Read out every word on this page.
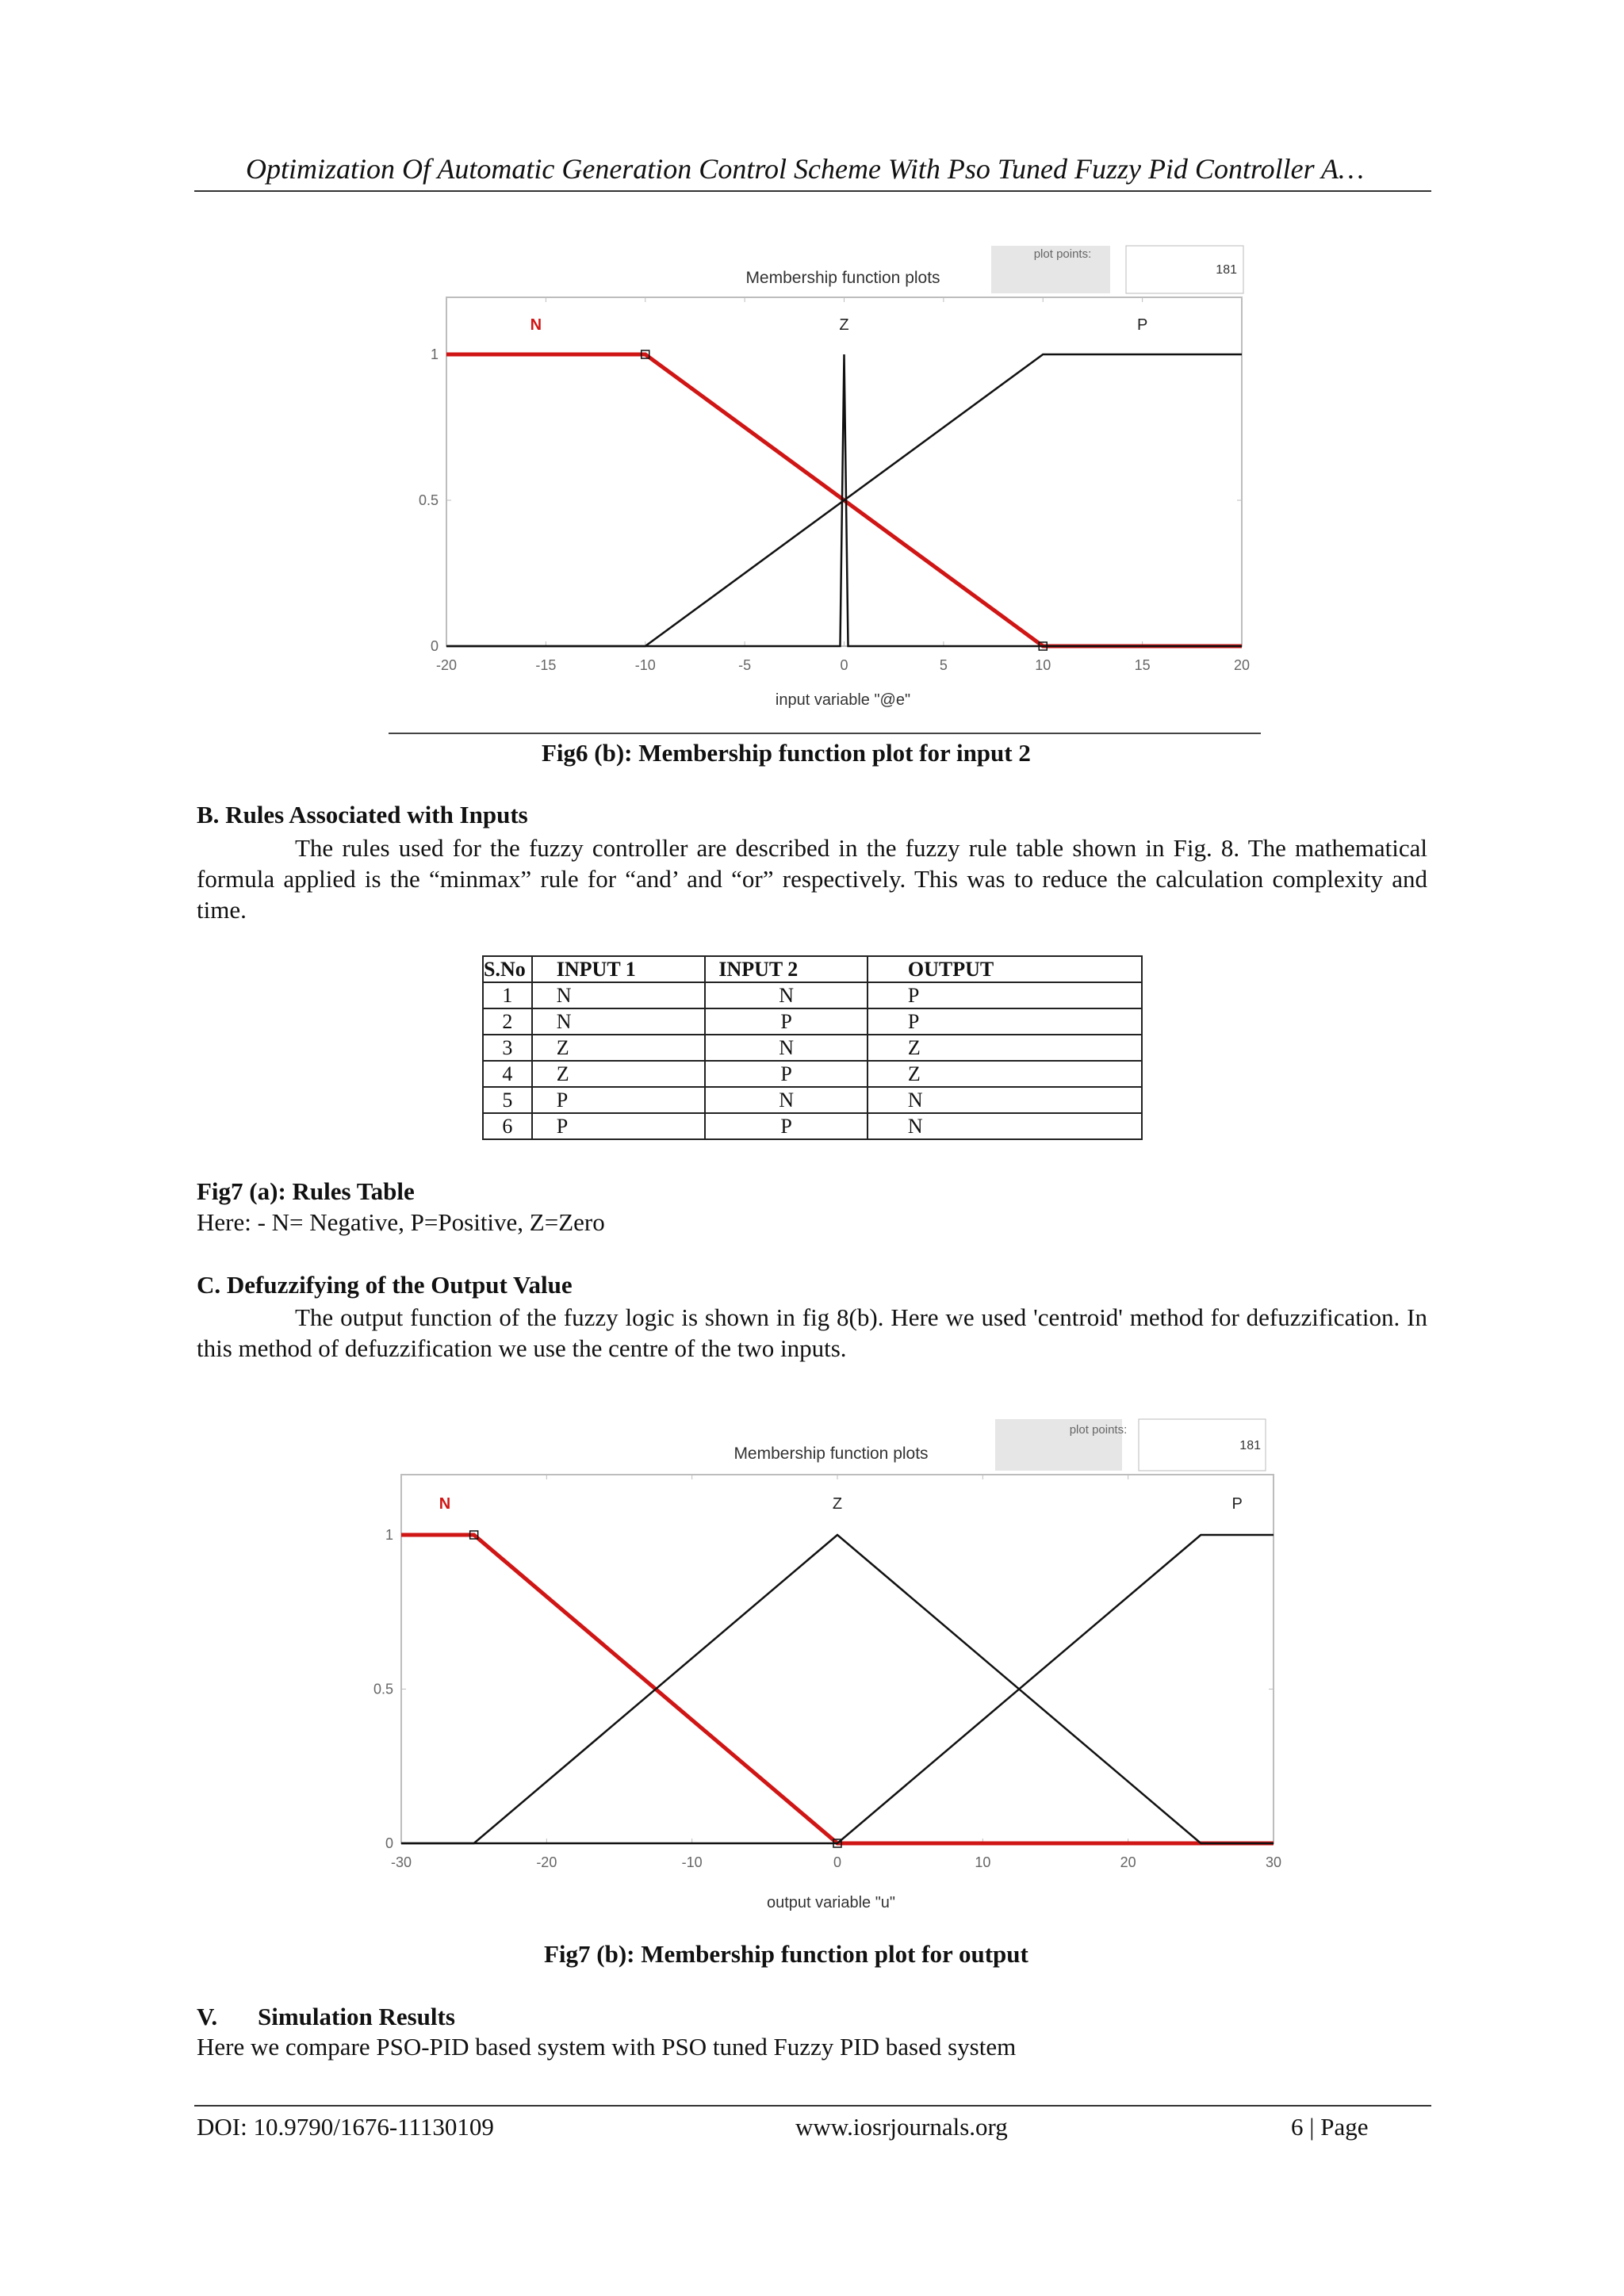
Optimization Of Automatic Generation Control Scheme With Pso Tuned Fuzzy Pid Controller A…
plot points:
181
Membership function plots
-20	-15	-10	-5	0	5	10	15	20
0
0.5
1
N	Z	P
input variable "@e"
Fig6 (b): Membership function plot for input 2
B. Rules Associated with Inputs
The rules used for the fuzzy controller are described in the fuzzy rule table shown in Fig. 8. The mathematical formula applied is the “minmax” rule for “and’ and “or” respectively. This was to reduce the calculation complexity and time.
S.No	INPUT 1	INPUT 2	OUTPUT
1	N	N	P
2	N	P	P
3	Z	N	Z
4	Z	P	Z
5	P	N	N
6	P	P	N
Fig7 (a): Rules Table
Here: - N= Negative, P=Positive, Z=Zero
C. Defuzzifying of the Output Value
The output function of the fuzzy logic is shown in fig 8(b). Here we used 'centroid' method for defuzzification. In this method of defuzzification we use the centre of the two inputs.
plot points:
181
Membership function plots
-30	-20	-10	0	10	20	30
0
0.5
1
N	Z	P
output variable "u"
Fig7 (b): Membership function plot for output
V. Simulation Results
Here we compare PSO-PID based system with PSO tuned Fuzzy PID based system
DOI: 10.9790/1676-11130109	www.iosrjournals.org	6 | Page
